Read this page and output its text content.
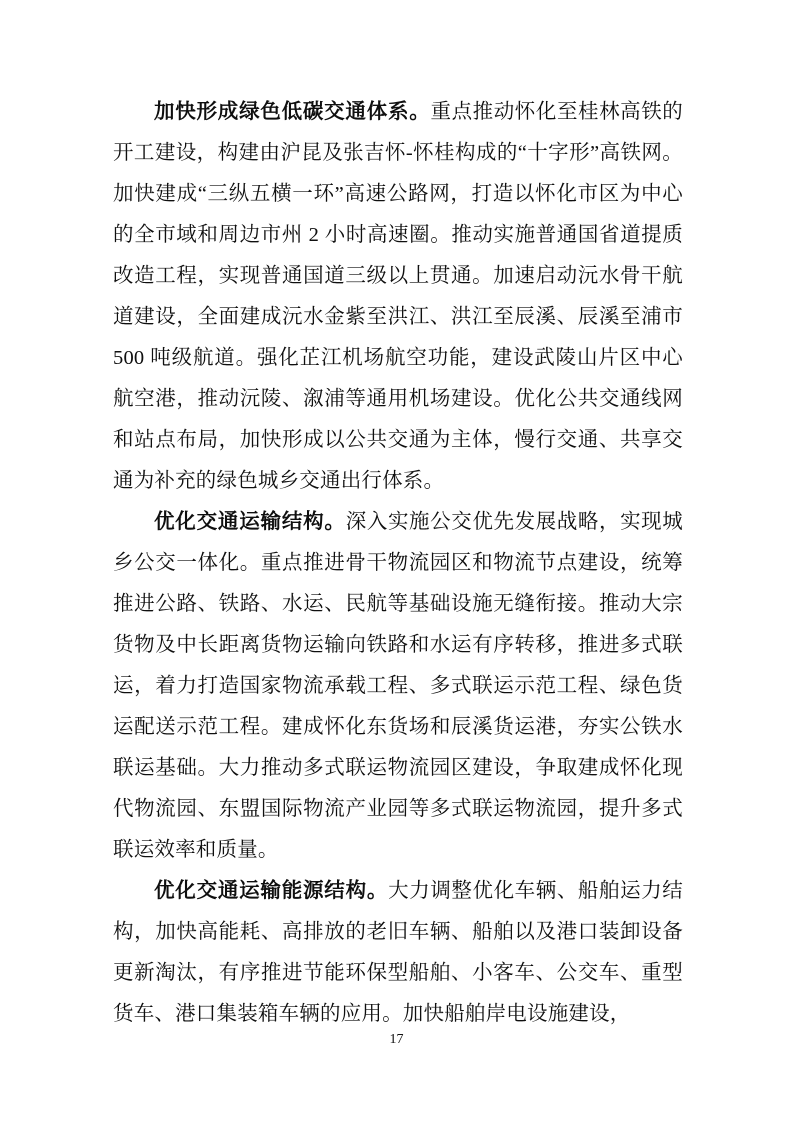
加快形成绿色低碳交通体系。重点推动怀化至桂林高铁的开工建设，构建由沪昆及张吉怀-怀桂构成的“十字形”高铁网。加快建成“三纵五横一环”高速公路网，打造以怀化市区为中心的全市域和周边市州 2 小时高速圈。推动实施普通国省道提质改造工程，实现普通国道三级以上贯通。加速启动沅水骨干航道建设，全面建成沅水金紫至洪江、洪江至辰溪、辰溪至浦市 500 吨级航道。强化芷江机场航空功能，建设武陵山片区中心航空港，推动沅陵、溆浦等通用机场建设。优化公共交通线网和站点布局，加快形成以公共交通为主体，慢行交通、共享交通为补充的绿色城乡交通出行体系。

优化交通运输结构。深入实施公交优先发展战略，实现城乡公交一体化。重点推进骨干物流园区和物流节点建设，统筹推进公路、铁路、水运、民航等基础设施无缝衔接。推动大宗货物及中长距离货物运输向铁路和水运有序转移，推进多式联运，着力打造国家物流承载工程、多式联运示范工程、绿色货运配送示范工程。建成怀化东货场和辰溪货运港，夯实公铁水联运基础。大力推动多式联运物流园区建设，争取建成怀化现代物流园、东盟国际物流产业园等多式联运物流园，提升多式联运效率和质量。

优化交通运输能源结构。大力调整优化车辆、船舶运力结构，加快高能耗、高排放的老旧车辆、船舶以及港口装卸设备更新淘汰，有序推进节能环保型船舶、小客车、公交车、重型货车、港口集装箱车辆的应用。加快船舶岸电设施建设，

17
